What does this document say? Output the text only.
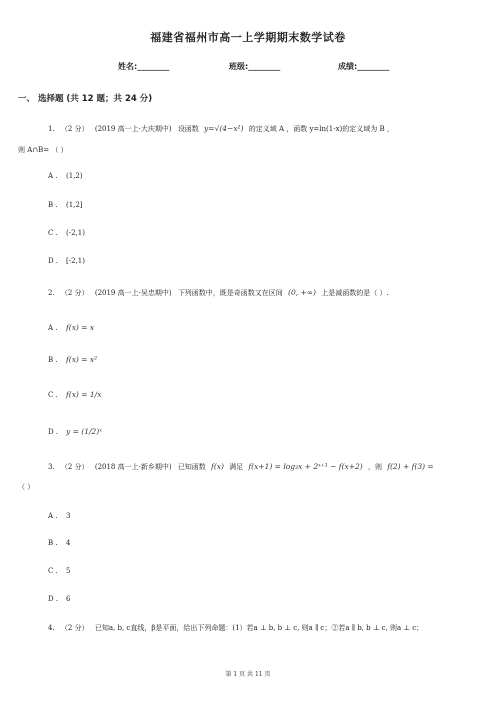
福建省福州市高一上学期期末数学试卷
姓名:________	班级:________	成绩:________
一、 选择题 (共 12 题；共 24 分)
1. （2 分） (2019 高一上·大庆期中) 设函数 y=√(4−x²) 的定义域 A ，函数 y=ln(1-x)的定义域为 B ，
则 A∩B= （ ）
A . (1,2)
B . (1,2]
C . (-2,1)
D . [-2,1)
2. （2 分） (2019 高一上·吴忠期中) 下列函数中，既是奇函数又在区间 (0, +∞) 上是减函数的是（ ）.
A . f(x) = x
B . f(x) = x²
C . f(x) = 1/x
D . y = (1/2)ˣ
3. （2 分） (2018 高一上·新乡期中) 已知函数 f(x) 满足 f(x+1) = log₃x + 2ˣ⁺¹ − f(x+2) ，则 f(2) + f(3) =
（ ）
A . 3
B . 4
C . 5
D . 6
4. （2 分） 已知a, b, c直线，β是平面，给出下列命题：(1）若a ⊥ b, b ⊥ c, 则a ∥ c；②若a ∥ b, b ⊥ c, 则a ⊥ c；
第 1 页 共 11 页
